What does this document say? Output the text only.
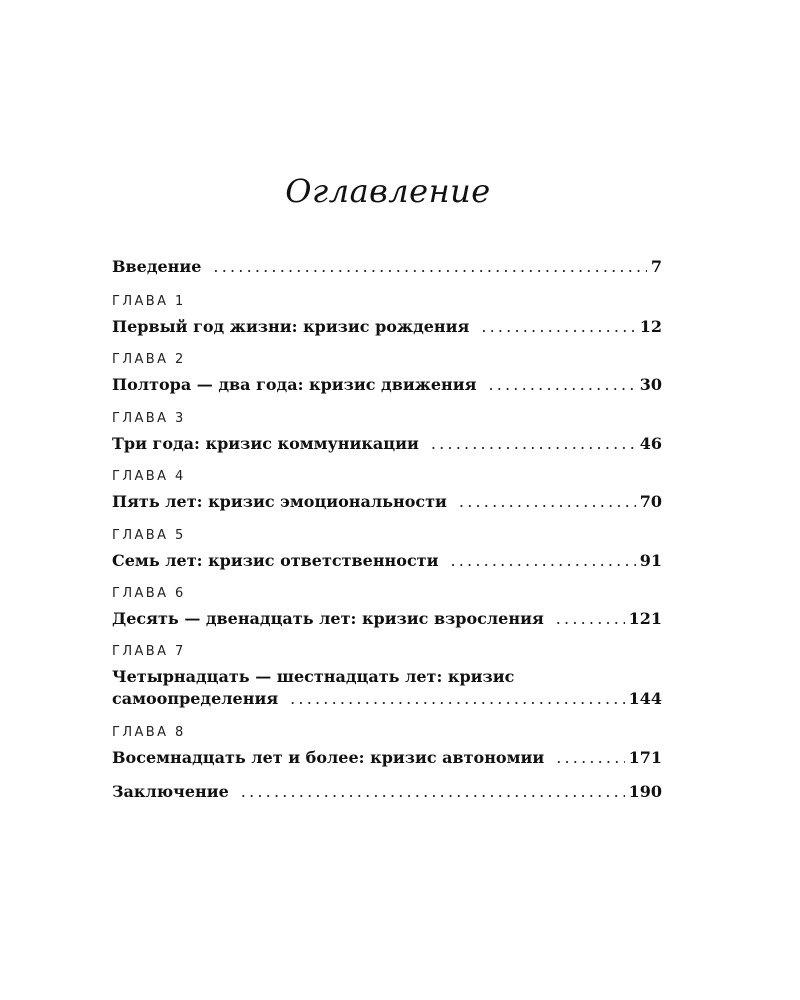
Оглавление
Введение .....	7
ГЛАВА 1
Первый год жизни: кризис рождения .....	12
ГЛАВА 2
Полтора — два года: кризис движения .....	30
ГЛАВА 3
Три года: кризис коммуникации .....	46
ГЛАВА 4
Пять лет: кризис эмоциональности .....	70
ГЛАВА 5
Семь лет: кризис ответственности .....	91
ГЛАВА 6
Десять — двенадцать лет: кризис взросления .....	121
ГЛАВА 7
Четырнадцать — шестнадцать лет: кризис
самоопределения .....	144
ГЛАВА 8
Восемнадцать лет и более: кризис автономии .....	171
Заключение .....	190
